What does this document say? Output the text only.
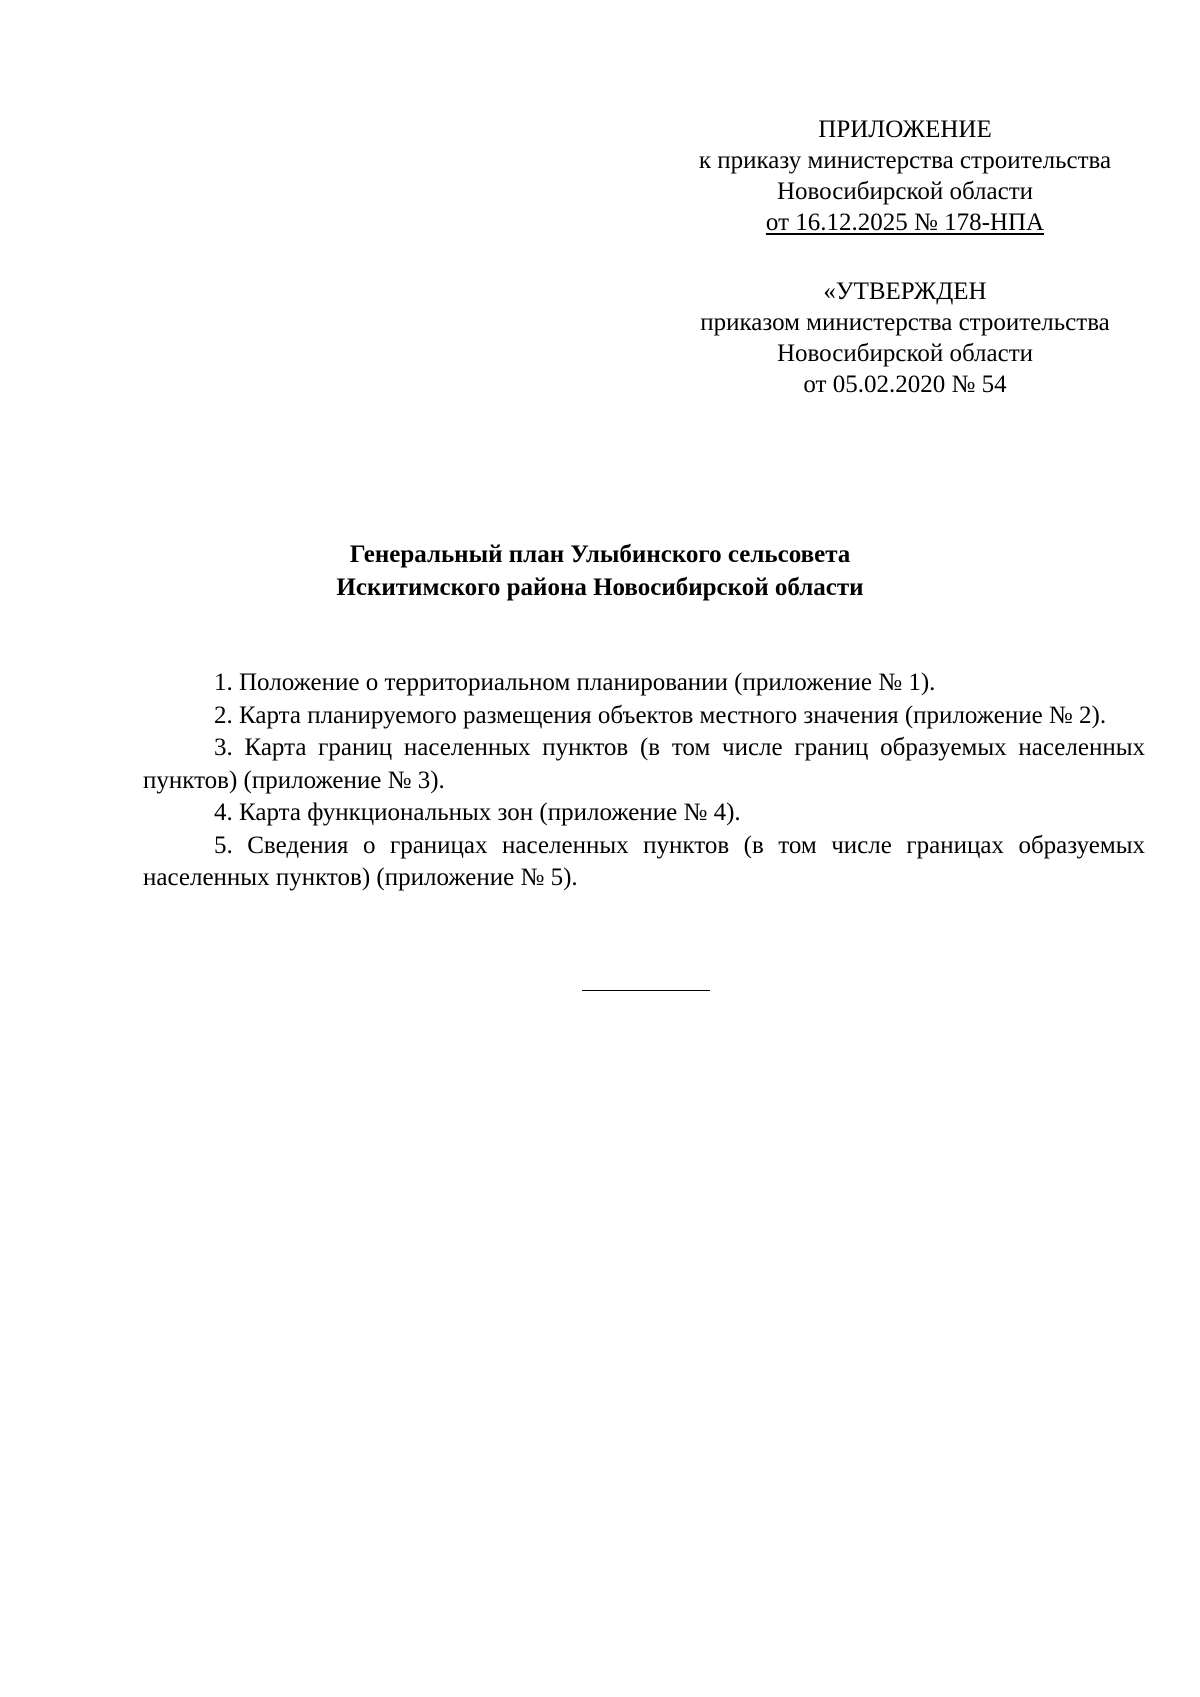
ПРИЛОЖЕНИЕ
к приказу министерства строительства
Новосибирской области
от 16.12.2025 № 178-НПА
«УТВЕРЖДЕН
приказом министерства строительства
Новосибирской области
от 05.02.2020 № 54
Генеральный план Улыбинского сельсовета
Искитимского района Новосибирской области

1. Положение о территориальном планировании (приложение № 1).

2. Карта планируемого размещения объектов местного значения (приложение № 2).

3. Карта границ населенных пунктов (в том числе границ образуемых населенных пунктов) (приложение № 3).

4. Карта функциональных зон (приложение № 4).

5. Сведения о границах населенных пунктов (в том числе границах образуемых населенных пунктов) (приложение № 5).
